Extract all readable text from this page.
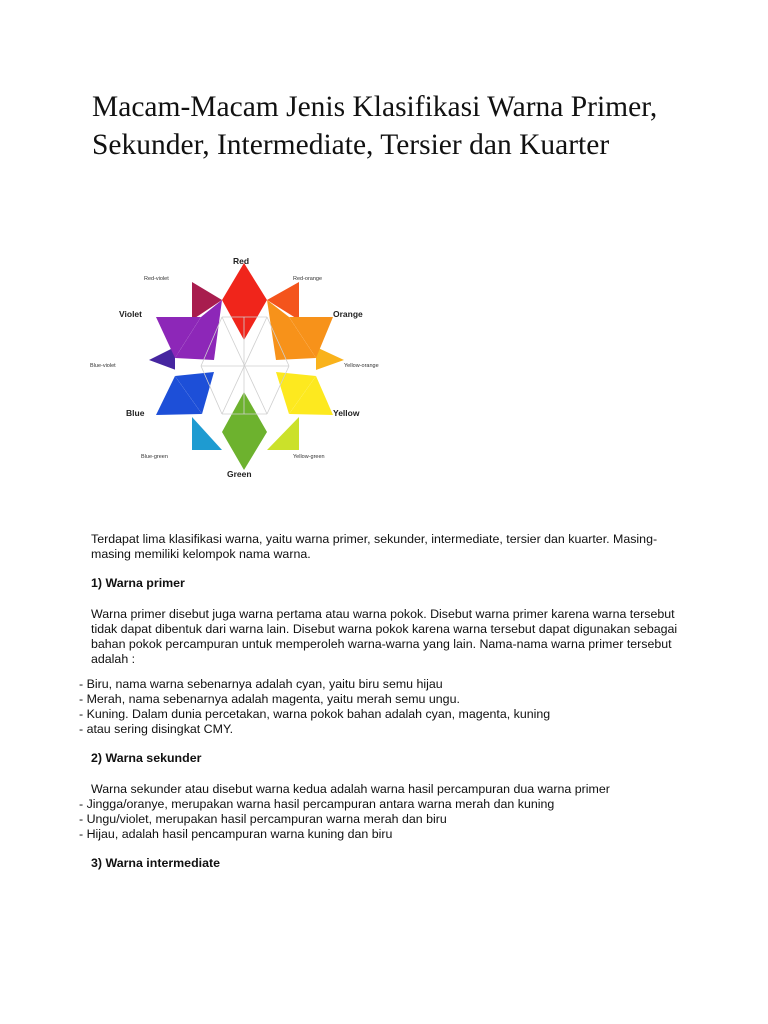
Macam-Macam Jenis Klasifikasi Warna Primer, Sekunder, Intermediate, Tersier dan Kuarter
Red
Red-orange
Orange
Yellow-orange
Yellow
Yellow-green
Green
Blue-green
Blue
Blue-violet
Violet
Red-violet

Terdapat lima klasifikasi warna, yaitu warna primer, sekunder, intermediate, tersier dan kuarter. Masing-masing memiliki kelompok nama warna.

1) Warna primer

Warna primer disebut juga warna pertama atau warna pokok. Disebut warna primer karena warna tersebut tidak dapat dibentuk dari warna lain. Disebut warna pokok karena warna tersebut dapat digunakan sebagai bahan pokok percampuran untuk memperoleh warna-warna yang lain. Nama-nama warna primer tersebut adalah :

- Biru, nama warna sebenarnya adalah cyan, yaitu biru semu hijau
- Merah, nama sebenarnya adalah magenta, yaitu merah semu ungu.
- Kuning. Dalam dunia percetakan, warna pokok bahan adalah cyan, magenta, kuning
- atau sering disingkat CMY.

2) Warna sekunder

Warna sekunder atau disebut warna kedua adalah warna hasil percampuran dua warna primer

- Jingga/oranye, merupakan warna hasil percampuran antara warna merah dan kuning
- Ungu/violet, merupakan hasil percampuran warna merah dan biru
- Hijau, adalah hasil pencampuran warna kuning dan biru

3) Warna intermediate
